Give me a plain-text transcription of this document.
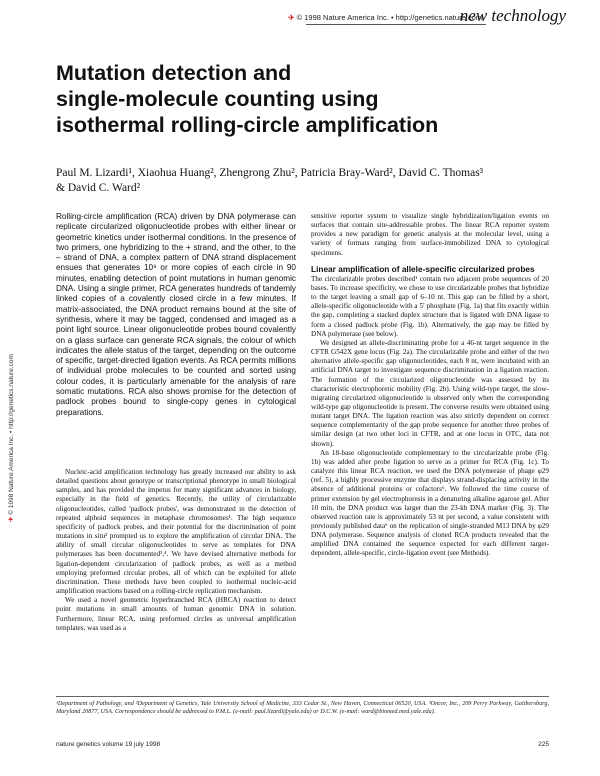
✈ © 1998 Nature America Inc. • http://genetics.nature.com
new technology
Mutation detection and
single-molecule counting using
isothermal rolling-circle amplification
Paul M. Lizardi¹, Xiaohua Huang², Zhengrong Zhu², Patricia Bray-Ward², David C. Thomas³
& David C. Ward²
✈ © 1998 Nature America Inc. • http://genetics.nature.com

Rolling-circle amplification (RCA) driven by DNA polymerase can replicate circularized oligonucleotide probes with either linear or geometric kinetics under isothermal conditions. In the presence of two primers, one hybridizing to the + strand, and the other, to the – strand of DNA, a complex pattern of DNA strand displacement ensues that generates 10⁹ or more copies of each circle in 90 minutes, enabling detection of point mutations in human genomic DNA. Using a single primer, RCA generates hundreds of tandemly linked copies of a covalently closed circle in a few minutes. If matrix-associated, the DNA product remains bound at the site of synthesis, where it may be tagged, condensed and imaged as a point light source. Linear oligonucleotide probes bound covalently on a glass surface can generate RCA signals, the colour of which indicates the allele status of the target, depending on the outcome of specific, target-directed ligation events. As RCA permits millions of individual probe molecules to be counted and sorted using colour codes, it is particularly amenable for the analysis of rare somatic mutations. RCA also shows promise for the detection of padlock probes bound to single-copy genes in cytological preparations.

Nucleic-acid amplification technology has greatly increased our ability to ask detailed questions about genotype or transcriptional phenotype in small biological samples, and has provided the impetus for many significant advances in biology, especially in the field of genetics. Recently, the utility of circularizable oligonucleotides, called 'padlock probes', was demonstrated in the detection of repeated alphoid sequences in metaphase chromosomes¹. The high sequence specificity of padlock probes, and their potential for the discrimination of point mutations in situ² prompted us to explore the amplification of circular DNA. The ability of small circular oligonucleotides to serve as templates for DNA polymerases has been documented³,⁴. We have devised alternative methods for ligation-dependent circularization of padlock probes, as well as a method employing preformed circular probes, all of which can be exploited for allele discrimination. These methods have been coupled to isothermal nucleic-acid amplification reactions based on a rolling-circle replication mechanism.

We used a novel geometric hyperbranched RCA (HRCA) reaction to detect point mutations in small amounts of human genomic DNA in solution. Furthermore, linear RCA, using preformed circles as universal amplification templates, was used as a

sensitive reporter system to visualize single hybridization/ligation events on surfaces that contain site-addressable probes. The linear RCA reporter system provides a new paradigm for genetic analysis at the molecular level, using a variety of formats ranging from surface-immobilized DNA to cytological specimens.

Linear amplification of allele-specific circularized probes

The circularizable probes described¹ contain two adjacent probe sequences of 20 bases. To increase specificity, we chose to use circularizable probes that hybridize to the target leaving a small gap of 6–10 nt. This gap can be filled by a short, allele-specific oligonucleotide with a 5′ phosphate (Fig. 1a) that fits exactly within the gap, completing a stacked duplex structure that is ligated with DNA ligase to form a closed padlock probe (Fig. 1b). Alternatively, the gap may be filled by DNA polymerase (see below).

We designed an allele-discriminating probe for a 46-nt target sequence in the CFTR G542X gene locus (Fig. 2a). The circularizable probe and either of the two alternative allele-specific gap oligonucleotides, each 8 nt, were incubated with an artificial DNA target to investigate sequence discrimination in a ligation reaction. The formation of the circularized oligonucleotide was assessed by its characteristic electrophoretic mobility (Fig. 2b). Using wild-type target, the slow-migrating circularized oligonucleotide is observed only when the corresponding wild-type gap oligonucleotide is present. The converse results were obtained using mutant target DNA. The ligation reaction was also strictly dependent on correct sequence complementarity of the gap probe sequence for another three probes of similar design (at two other loci in CFTR, and at one locus in OTC, data not shown).

An 18-base oligonucleotide complementary to the circularizable probe (Fig. 1b) was added after probe ligation to serve as a primer for RCA (Fig. 1c). To catalyze this linear RCA reaction, we used the DNA polymerase of phage φ29 (ref. 5), a highly processive enzyme that displays strand-displacing activity in the absence of additional proteins or cofactors⁶. We followed the time course of primer extension by gel electrophoresis in a denaturing alkaline agarose gel. After 10 min, the DNA product was larger than the 23-kb DNA marker (Fig. 3). The observed reaction rate is approximately 53 nt per second, a value consistent with previously published data⁶ on the replication of single-stranded M13 DNA by φ29 DNA polymerase. Sequence analysis of cloned RCA products revealed that the amplified DNA contained the sequence expected for each different target-dependent, allele-specific, circle-ligation event (see Methods).

¹Department of Pathology, and ²Department of Genetics, Yale University School of Medicine, 333 Cedar St., New Haven, Connecticut 06520, USA. ³Oncor, Inc., 209 Perry Parkway, Gaithersburg, Maryland 20877, USA. Correspondence should be addressed to P.M.L. (e-mail: paul.lizardi@yale.edu) or D.C.W. (e-mail: ward@biomed.med.yale.edu).

nature genetics volume 19 july 1998	225
